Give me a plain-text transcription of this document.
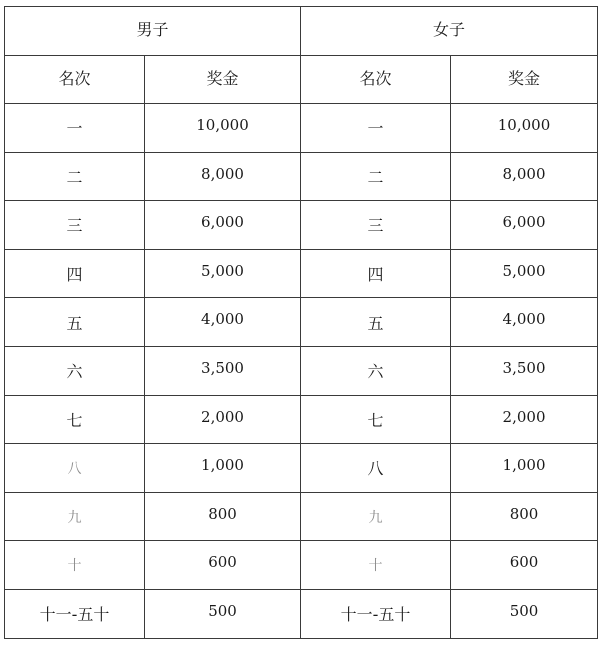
男子		女子	
名次	奖金	名次	奖金
一	10,000	一	10,000
二	8,000	二	8,000
三	6,000	三	6,000
四	5,000	四	5,000
五	4,000	五	4,000
六	3,500	六	3,500
七	2,000	七	2,000
八	1,000	八	1,000
九	800	九	800
十	600	十	600
十一-五十	500	十一-五十	500
